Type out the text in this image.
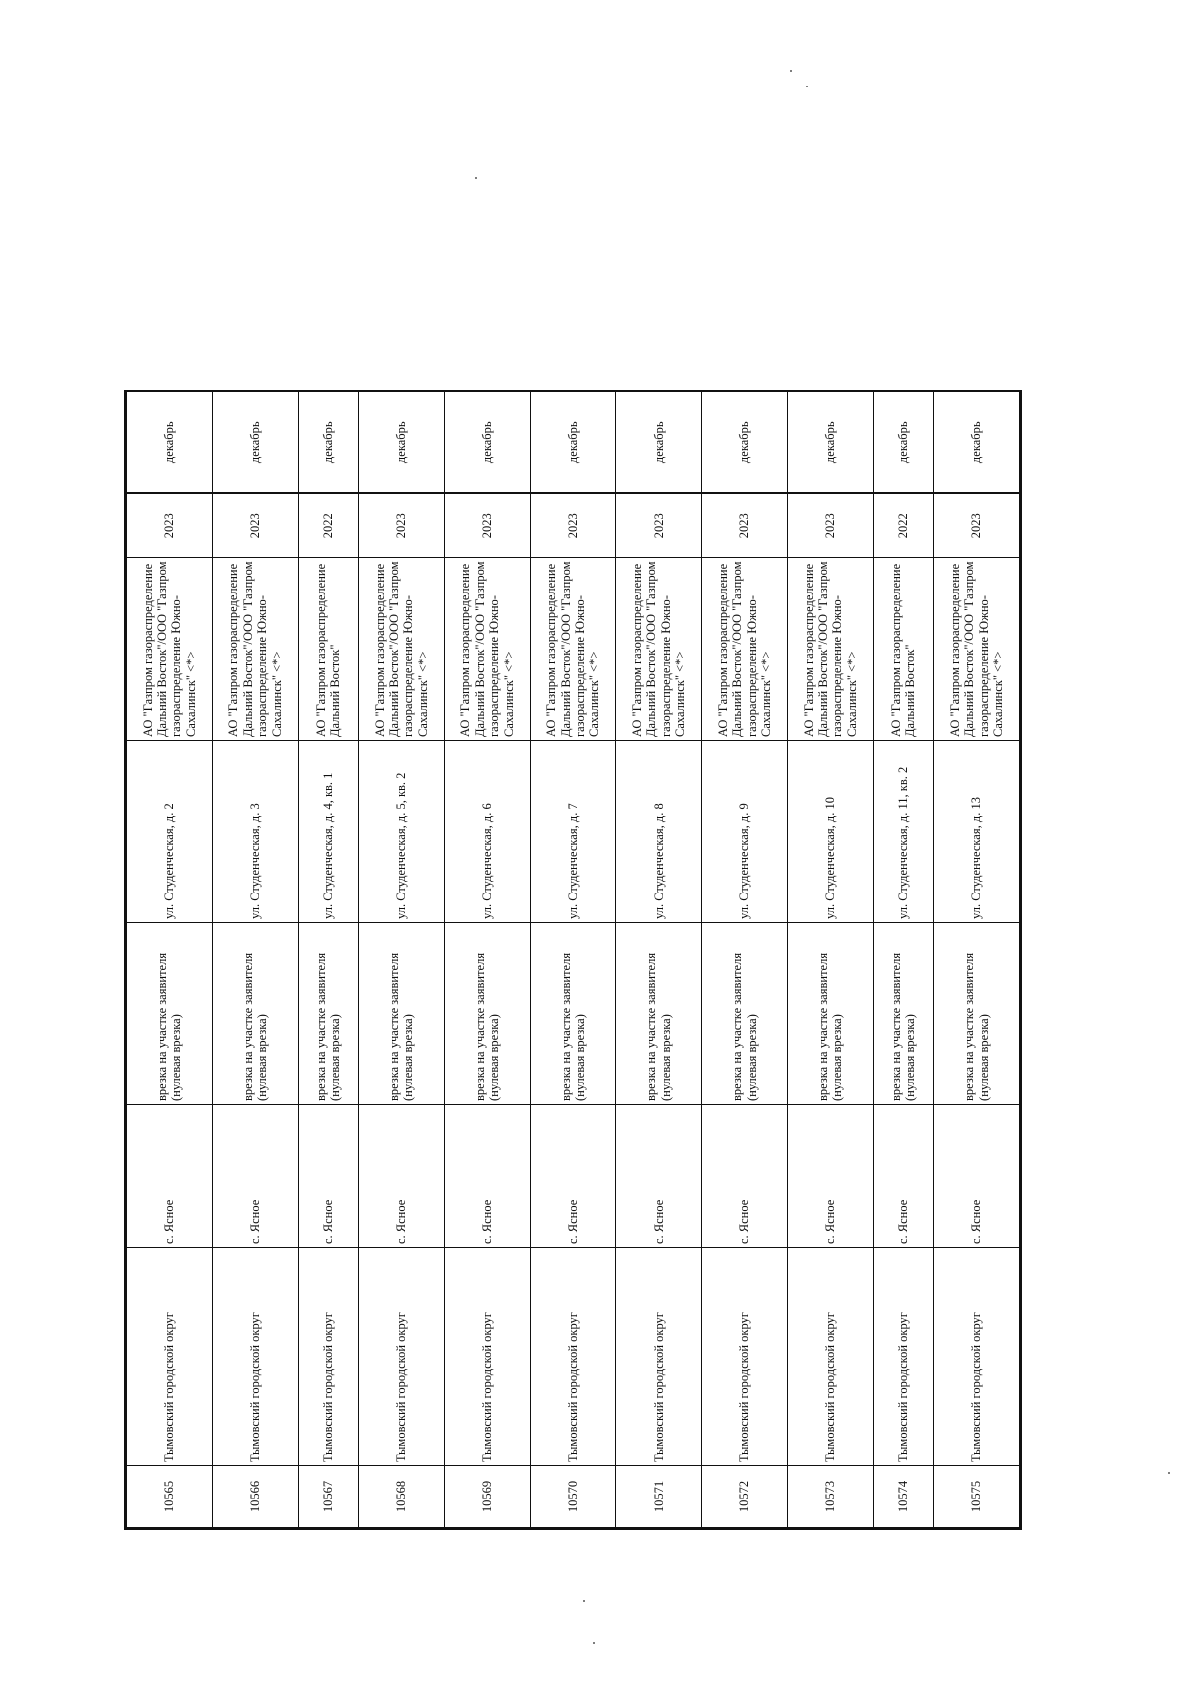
10565	Тымовский городской округ	с. Ясное	врезка на участке заявителя (нулевая врезка)	ул. Студенческая, д. 2	АО "Газпром газораспределение Дальний Восток"/ООО "Газпром газораспределение Южно-Сахалинск" <*>	2023	декабрь
10566	Тымовский городской округ	с. Ясное	врезка на участке заявителя (нулевая врезка)	ул. Студенческая, д. 3	АО "Газпром газораспределение Дальний Восток"/ООО "Газпром газораспределение Южно-Сахалинск" <*>	2023	декабрь
10567	Тымовский городской округ	с. Ясное	врезка на участке заявителя (нулевая врезка)	ул. Студенческая, д. 4, кв. 1	АО "Газпром газораспределение Дальний Восток"	2022	декабрь
10568	Тымовский городской округ	с. Ясное	врезка на участке заявителя (нулевая врезка)	ул. Студенческая, д. 5, кв. 2	АО "Газпром газораспределение Дальний Восток"/ООО "Газпром газораспределение Южно-Сахалинск" <*>	2023	декабрь
10569	Тымовский городской округ	с. Ясное	врезка на участке заявителя (нулевая врезка)	ул. Студенческая, д. 6	АО "Газпром газораспределение Дальний Восток"/ООО "Газпром газораспределение Южно-Сахалинск" <*>	2023	декабрь
10570	Тымовский городской округ	с. Ясное	врезка на участке заявителя (нулевая врезка)	ул. Студенческая, д. 7	АО "Газпром газораспределение Дальний Восток"/ООО "Газпром газораспределение Южно-Сахалинск" <*>	2023	декабрь
10571	Тымовский городской округ	с. Ясное	врезка на участке заявителя (нулевая врезка)	ул. Студенческая, д. 8	АО "Газпром газораспределение Дальний Восток"/ООО "Газпром газораспределение Южно-Сахалинск" <*>	2023	декабрь
10572	Тымовский городской округ	с. Ясное	врезка на участке заявителя (нулевая врезка)	ул. Студенческая, д. 9	АО "Газпром газораспределение Дальний Восток"/ООО "Газпром газораспределение Южно-Сахалинск" <*>	2023	декабрь
10573	Тымовский городской округ	с. Ясное	врезка на участке заявителя (нулевая врезка)	ул. Студенческая, д. 10	АО "Газпром газораспределение Дальний Восток"/ООО "Газпром газораспределение Южно-Сахалинск" <*>	2023	декабрь
10574	Тымовский городской округ	с. Ясное	врезка на участке заявителя (нулевая врезка)	ул. Студенческая, д. 11, кв. 2	АО "Газпром газораспределение Дальний Восток"	2022	декабрь
10575	Тымовский городской округ	с. Ясное	врезка на участке заявителя (нулевая врезка)	ул. Студенческая, д. 13	АО "Газпром газораспределение Дальний Восток"/ООО "Газпром газораспределение Южно-Сахалинск" <*>	2023	декабрь
